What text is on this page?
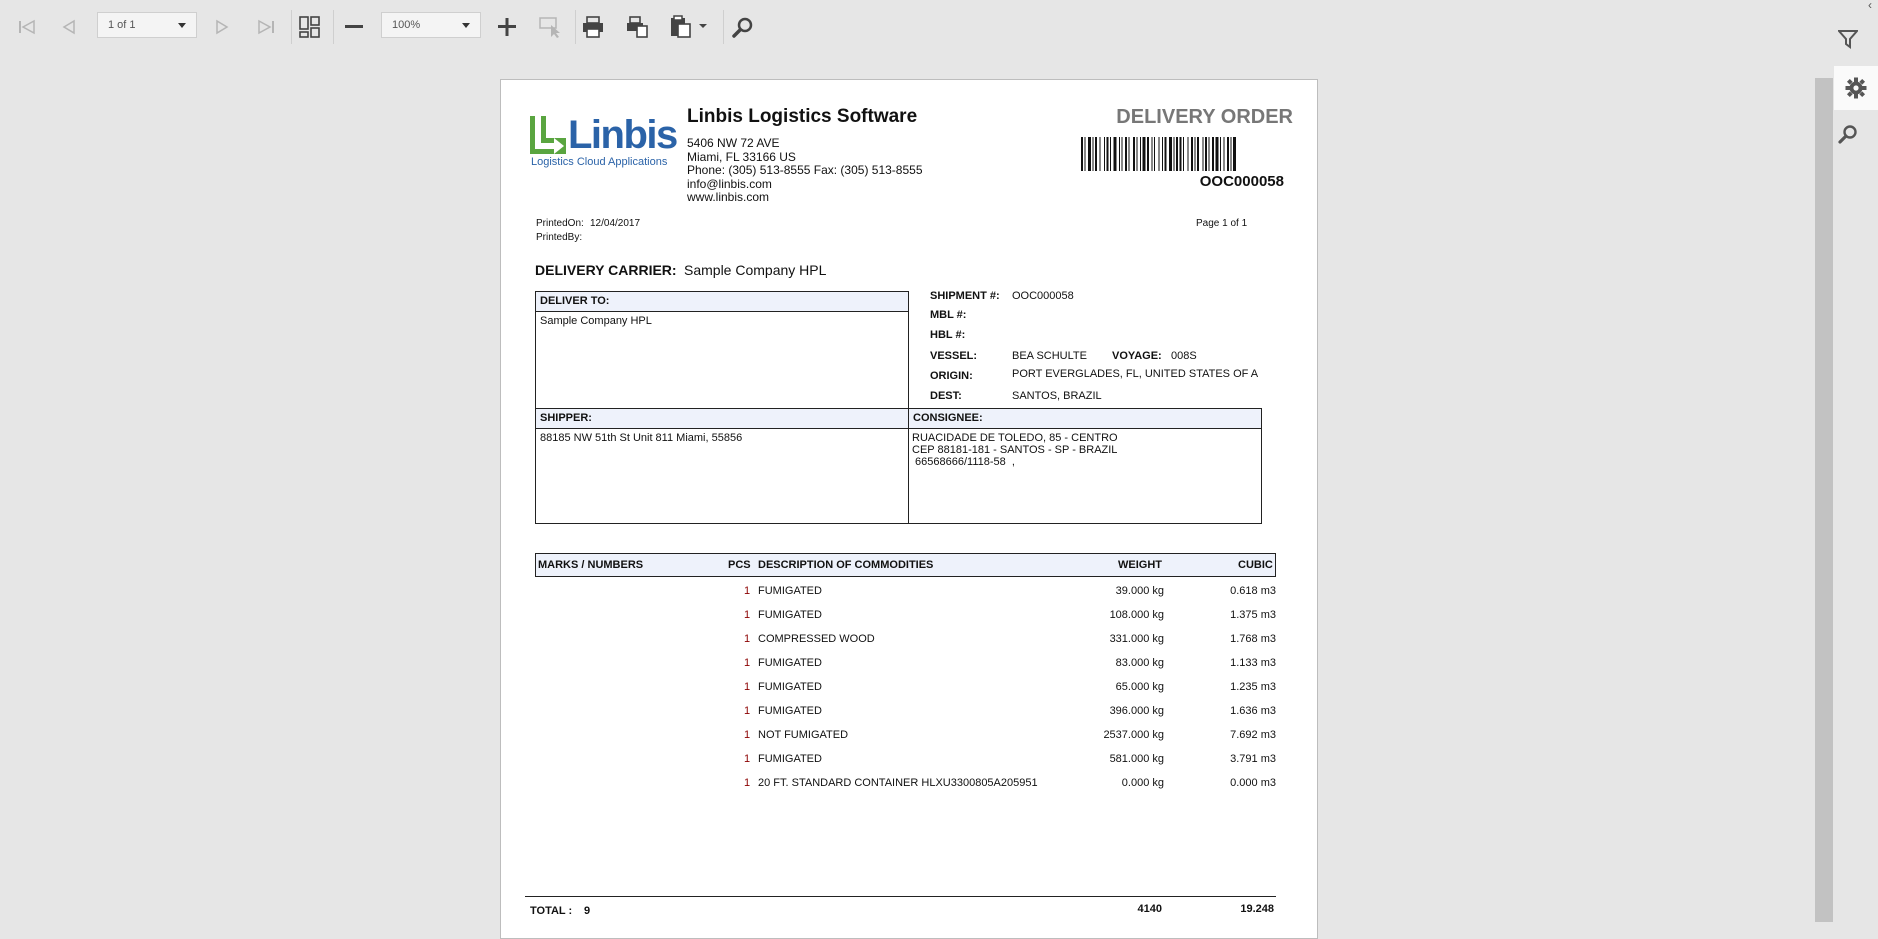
1 of 1	100%
‹
Linbis
Logistics Cloud Applications
Linbis Logistics Software
5406 NW 72 AVE
Miami, FL 33166 US
Phone: (305) 513-8555 Fax: (305) 513-8555
info@linbis.com
www.linbis.com
DELIVERY ORDER
OOC000058
PrintedOn: 12/04/2017
PrintedBy:
Page 1 of 1
DELIVERY CARRIER: Sample Company HPL
DELIVER TO:
Sample Company HPL
SHIPMENT #: OOC000058
MBL #:
HBL #:
VESSEL:	BEA SCHULTE VOYAGE: 008S
ORIGIN:	PORT EVERGLADES, FL, UNITED STATES OF A
DEST:	SANTOS, BRAZIL
SHIPPER:
88185 NW 51th St Unit 811 Miami, 55856
CONSIGNEE:
RUACIDADE DE TOLEDO, 85 - CENTRO
CEP 88181-181 - SANTOS - SP - BRAZIL
66568666/1118-58  ,
MARKS / NUMBERS	PCS DESCRIPTION OF COMMODITIES	WEIGHT	CUBIC
1 FUMIGATED	39.000 kg	0.618 m3
1 FUMIGATED	108.000 kg	1.375 m3
1 COMPRESSED WOOD	331.000 kg	1.768 m3
1 FUMIGATED	83.000 kg	1.133 m3
1 FUMIGATED	65.000 kg	1.235 m3
1 FUMIGATED	396.000 kg	1.636 m3
1 NOT FUMIGATED	2537.000 kg	7.692 m3
1 FUMIGATED	581.000 kg	3.791 m3
1 20 FT. STANDARD CONTAINER HLXU3300805A205951	0.000 kg	0.000 m3
TOTAL : 9	4140	19.248
